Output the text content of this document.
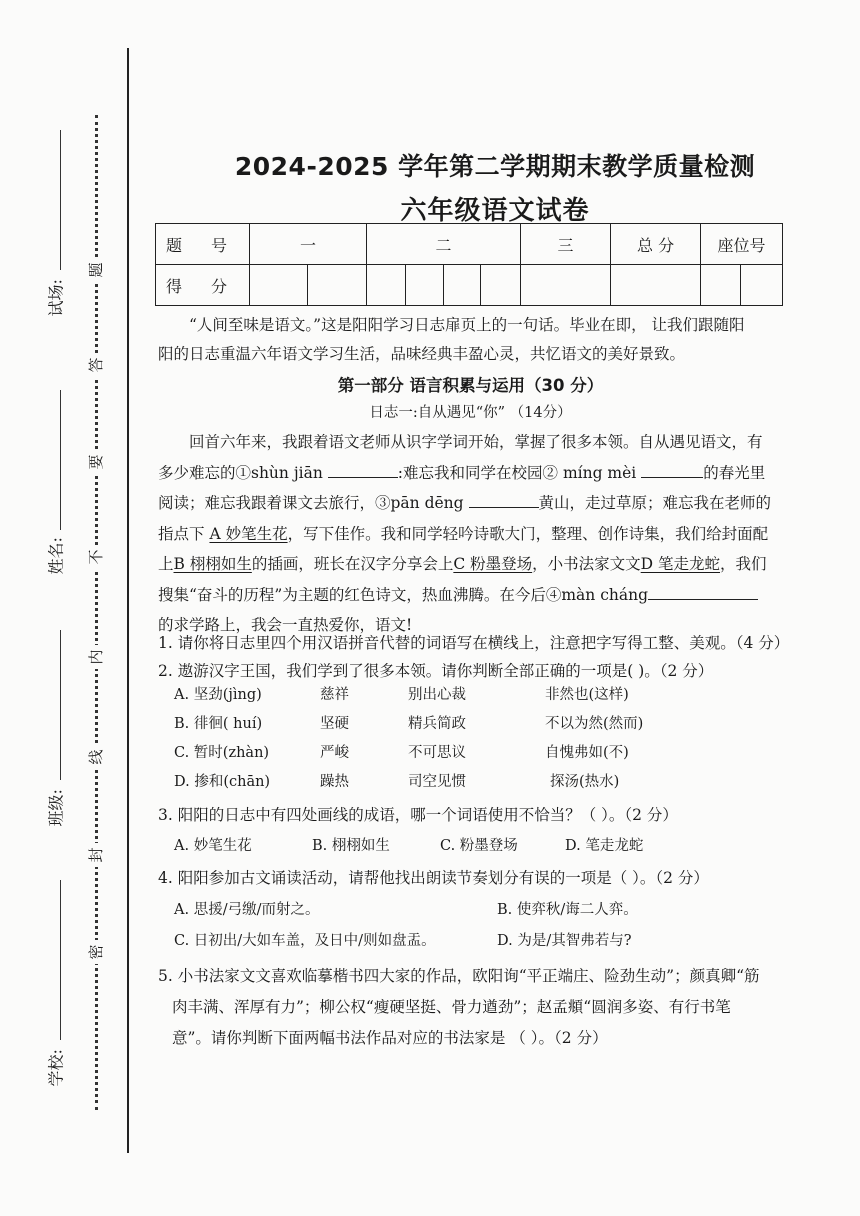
试场:
姓名:
班级:
学校:
题
答
要
不
内
线
封
密
2024-2025 学年第二学期期末教学质量检测
六年级语文试卷
题 号	一		二				三	总 分	座位号	
得 分										
“人间至味是语文。”这是阳阳学习日志扉页上的一句话。毕业在即， 让我们跟随阳
阳的日志重温六年语文学习生活，品味经典丰盈心灵，共忆语文的美好景致。
第一部分 语言积累与运用（30 分）
日志一:自从遇见“你” （14分）
回首六年来，我跟着语文老师从识字学词开始，掌握了很多本领。自从遇见语文，有
多少难忘的①shùn jiān	:难忘我和同学在校园② míng mèi	的春光里
阅读；难忘我跟着课文去旅行，③pān dēng	黄山，走过草原；难忘我在老师的
指点下 A 妙笔生花，写下佳作。我和同学轻吟诗歌大门，整理、创作诗集，我们给封面配
上B 栩栩如生的插画，班长在汉字分享会上C 粉墨登场，小书法家文文D 笔走龙蛇，我们
搜集“奋斗的历程”为主题的红色诗文，热血沸腾。在今后④màn cháng
的求学路上，我会一直热爱你，语文!
1. 请你将日志里四个用汉语拼音代替的词语写在横线上，注意把字写得工整、美观。（4 分）
2. 遨游汉字王国，我们学到了很多本领。请你判断全部正确的一项是( )。（2 分）
A. 坚劲(jìng)	慈祥	别出心裁	非然也(这样)
B. 徘徊( huí)	坚硬	精兵简政	不以为然(然而)
C. 暂时(zhàn)	严峻	不可思议	自愧弗如(不)
D. 掺和(chān)	躁热	司空见惯	探汤(热水)
3. 阳阳的日志中有四处画线的成语，哪一个词语使用不恰当？（ ）。（2 分）
A. 妙笔生花	B. 栩栩如生	C. 粉墨登场	D. 笔走龙蛇
4. 阳阳参加古文诵读活动，请帮他找出朗读节奏划分有误的一项是（ ）。（2 分）
A. 思援/弓缴/而射之。	B. 使弈秋/诲二人弈。
C. 日初出/大如车盖，及日中/则如盘盂。	D. 为是/其智弗若与?
5. 小书法家文文喜欢临摹楷书四大家的作品，欧阳询“平正端庄、险劲生动”；颜真卿“筋
肉丰满、浑厚有力”；柳公权“瘦硬坚挺、骨力遒劲”；赵孟頫“圆润多姿、有行书笔
意”。请你判断下面两幅书法作品对应的书法家是 （ ）。（2 分）
